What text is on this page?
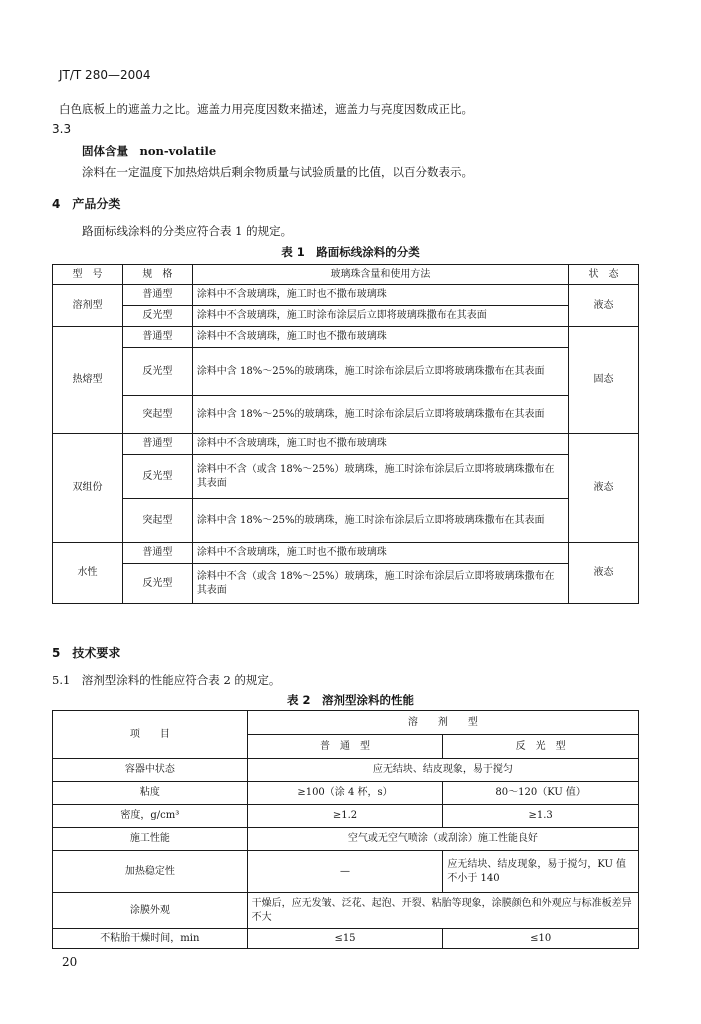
JT/T 280—2004
白色底板上的遮盖力之比。遮盖力用亮度因数来描述，遮盖力与亮度因数成正比。
3.3
固体含量　non-volatile
涂料在一定温度下加热焙烘后剩余物质量与试验质量的比值，以百分数表示。
4　产品分类
路面标线涂料的分类应符合表 1 的规定。
表 1　路面标线涂料的分类
型　号	规　格	玻璃珠含量和使用方法	状　态
溶剂型	普通型	涂料中不含玻璃珠，施工时也不撒布玻璃珠	液态
	反光型	涂料中不含玻璃珠，施工时涂布涂层后立即将玻璃珠撒布在其表面	
热熔型	普通型	涂料中不含玻璃珠，施工时也不撒布玻璃珠	固态
	反光型	涂料中含 18%～25%的玻璃珠，施工时涂布涂层后立即将玻璃珠撒布在其表面	
	突起型	涂料中含 18%～25%的玻璃珠，施工时涂布涂层后立即将玻璃珠撒布在其表面	
双组份	普通型	涂料中不含玻璃珠，施工时也不撒布玻璃珠	液态
	反光型	涂料中不含（或含 18%～25%）玻璃珠，施工时涂布涂层后立即将玻璃珠撒布在其表面	
	突起型	涂料中含 18%～25%的玻璃珠，施工时涂布涂层后立即将玻璃珠撒布在其表面	
水性	普通型	涂料中不含玻璃珠，施工时也不撒布玻璃珠	液态
	反光型	涂料中不含（或含 18%～25%）玻璃珠，施工时涂布涂层后立即将玻璃珠撒布在其表面	
5　技术要求
5.1　溶剂型涂料的性能应符合表 2 的规定。
表 2　溶剂型涂料的性能
项　　目	溶　　剂　　型	
	普　通　型	反　光　型
容器中状态	应无结块、结皮现象，易于搅匀	
粘度	≥100（涂 4 杯，s）	80～120（KU 值）
密度，g/cm³	≥1.2	≥1.3
施工性能	空气或无空气喷涂（或刮涂）施工性能良好	
加热稳定性	—	应无结块、结皮现象，易于搅匀，KU 值不小于 140
涂膜外观	干燥后，应无发皱、泛花、起泡、开裂、粘胎等现象，涂膜颜色和外观应与标准板差异不大	
不粘胎干燥时间，min	≤15	≤10
20
